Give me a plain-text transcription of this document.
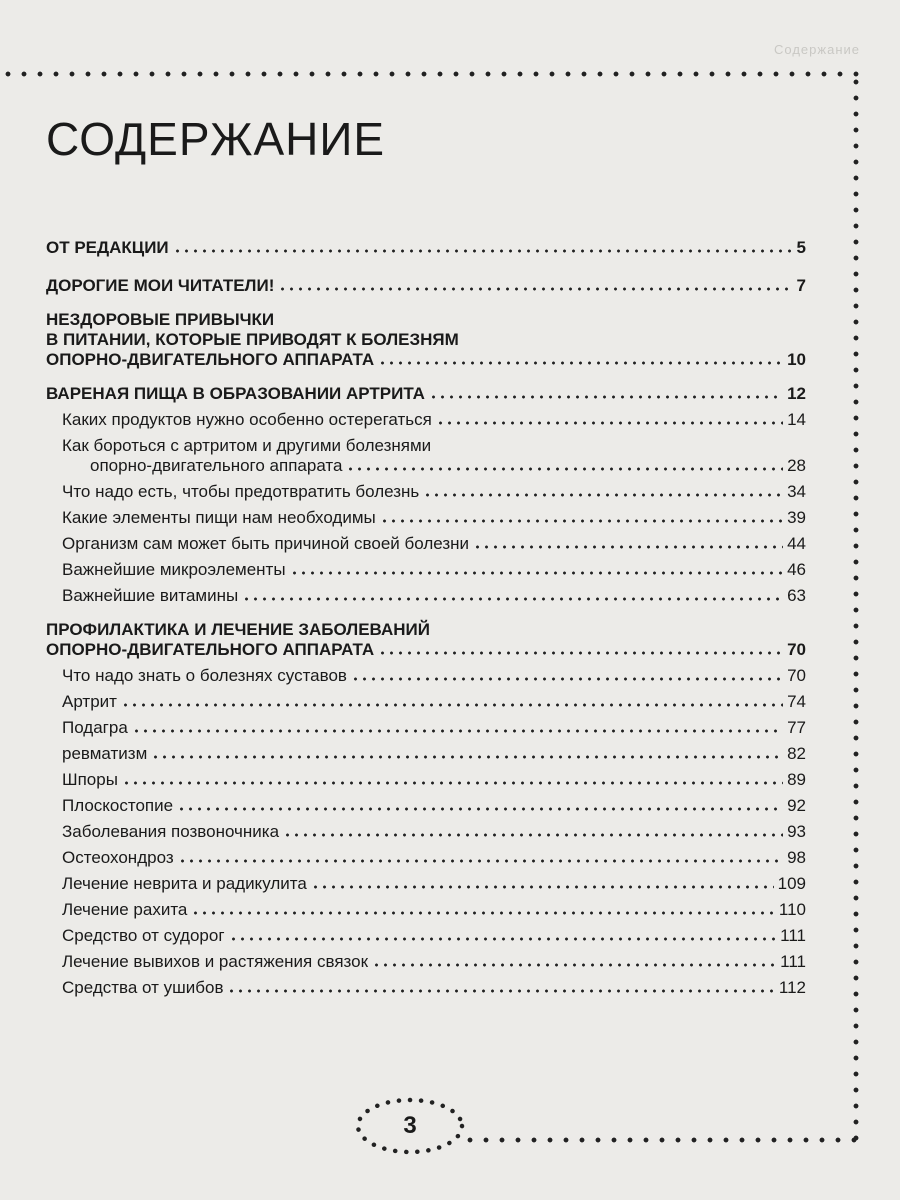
Содержание
СОДЕРЖАНИЕ
ОТ РЕДАКЦИИ	5
ДОРОГИЕ МОИ ЧИТАТЕЛИ!	7
НЕЗДОРОВЫЕ ПРИВЫЧКИ
В ПИТАНИИ, КОТОРЫЕ ПРИВОДЯТ К БОЛЕЗНЯМ
ОПОРНО-ДВИГАТЕЛЬНОГО АППАРАТА	10
ВАРЕНАЯ ПИЩА В ОБРАЗОВАНИИ АРТРИТА	12
Каких продуктов нужно особенно остерегаться	14
Как бороться с артритом и другими болезнями
опорно-двигательного аппарата	28
Что надо есть, чтобы предотвратить болезнь	34
Какие элементы пищи нам необходимы	39
Организм сам может быть причиной своей болезни	44
Важнейшие микроэлементы	46
Важнейшие витамины	63
ПРОФИЛАКТИКА И ЛЕЧЕНИЕ ЗАБОЛЕВАНИЙ
ОПОРНО-ДВИГАТЕЛЬНОГО АППАРАТА	70
Что надо знать о болезнях суставов	70
Артрит	74
Подагра	77
ревматизм	82
Шпоры	89
Плоскостопие	92
Заболевания позвоночника	93
Остеохондроз	98
Лечение неврита и радикулита	109
Лечение рахита	110
Средство от судорог	111
Лечение вывихов и растяжения связок	111
Средства от ушибов	112
3
